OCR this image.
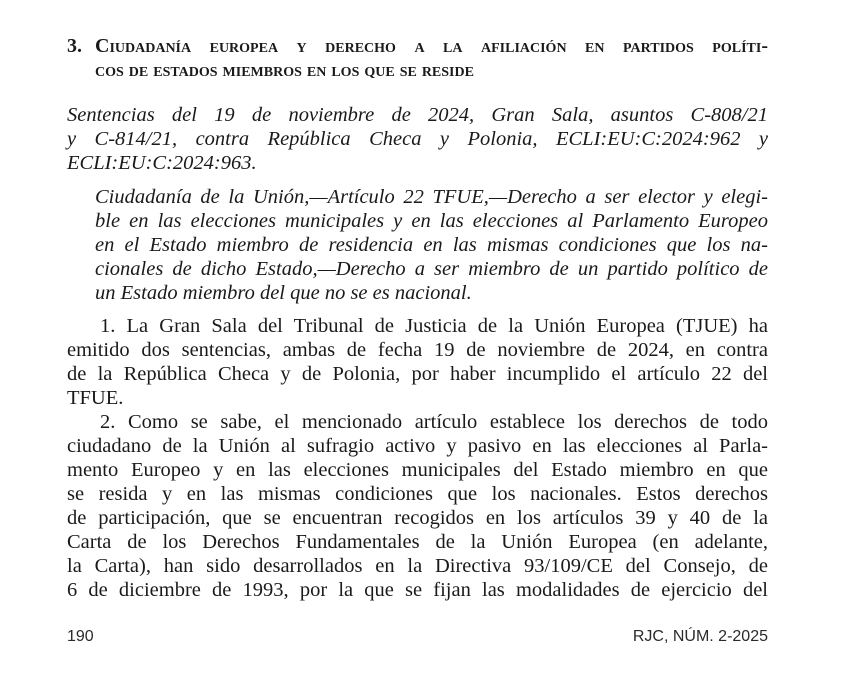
3. Ciudadanía europea y derecho a la afiliación en partidos políti-
cos de estados miembros en los que se reside
Sentencias del 19 de noviembre de 2024, Gran Sala, asuntos C-808/21
y C-814/21, contra República Checa y Polonia, ECLI:EU:C:2024:962 y
ECLI:EU:C:2024:963.
Ciudadanía de la Unión,—Artículo 22 TFUE,—Derecho a ser elector y elegi-
ble en las elecciones municipales y en las elecciones al Parlamento Europeo
en el Estado miembro de residencia en las mismas condiciones que los na-
cionales de dicho Estado,—Derecho a ser miembro de un partido político de
un Estado miembro del que no se es nacional.
1. La Gran Sala del Tribunal de Justicia de la Unión Europea (TJUE) ha
emitido dos sentencias, ambas de fecha 19 de noviembre de 2024, en contra
de la República Checa y de Polonia, por haber incumplido el artículo 22 del
TFUE.
2. Como se sabe, el mencionado artículo establece los derechos de todo
ciudadano de la Unión al sufragio activo y pasivo en las elecciones al Parla-
mento Europeo y en las elecciones municipales del Estado miembro en que
se resida y en las mismas condiciones que los nacionales. Estos derechos
de participación, que se encuentran recogidos en los artículos 39 y 40 de la
Carta de los Derechos Fundamentales de la Unión Europea (en adelante,
la Carta), han sido desarrollados en la Directiva 93/109/CE del Consejo, de
6 de diciembre de 1993, por la que se fijan las modalidades de ejercicio del
190	RJC, NÚM. 2-2025
